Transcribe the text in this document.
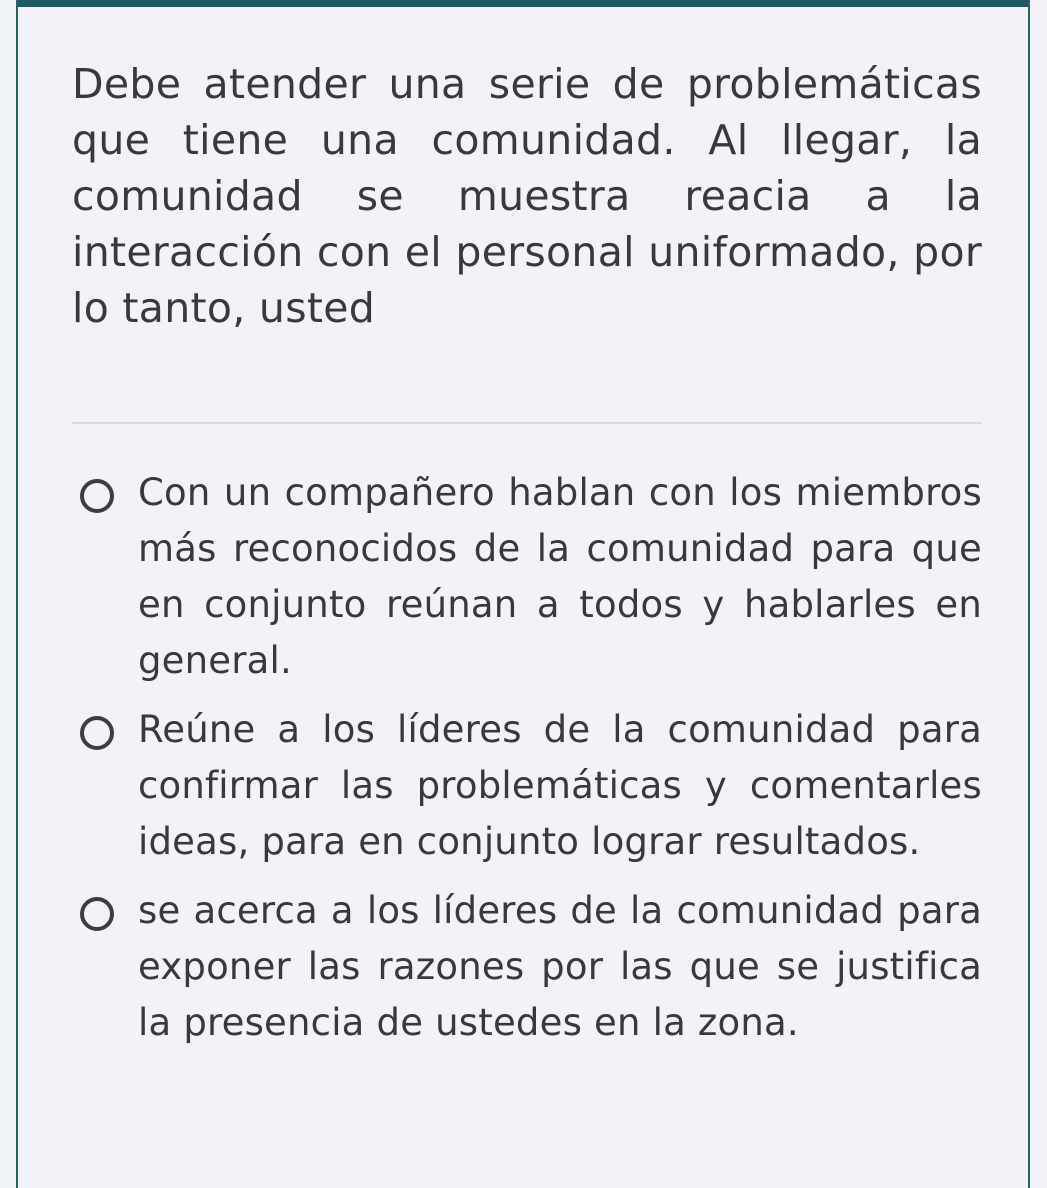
Debe atender una serie de problemáticas que tiene una comunidad. Al llegar, la comunidad se muestra reacia a la interacción con el personal uniformado, por lo tanto, usted
Con un compañero hablan con los miembros más reconocidos de la comunidad para que en conjunto reúnan a todos y hablarles en general.
Reúne a los líderes de la comunidad para confirmar las problemáticas y comentarles ideas, para en conjunto lograr resultados.
se acerca a los líderes de la comunidad para exponer las razones por las que se justifica la presencia de ustedes en la zona.
